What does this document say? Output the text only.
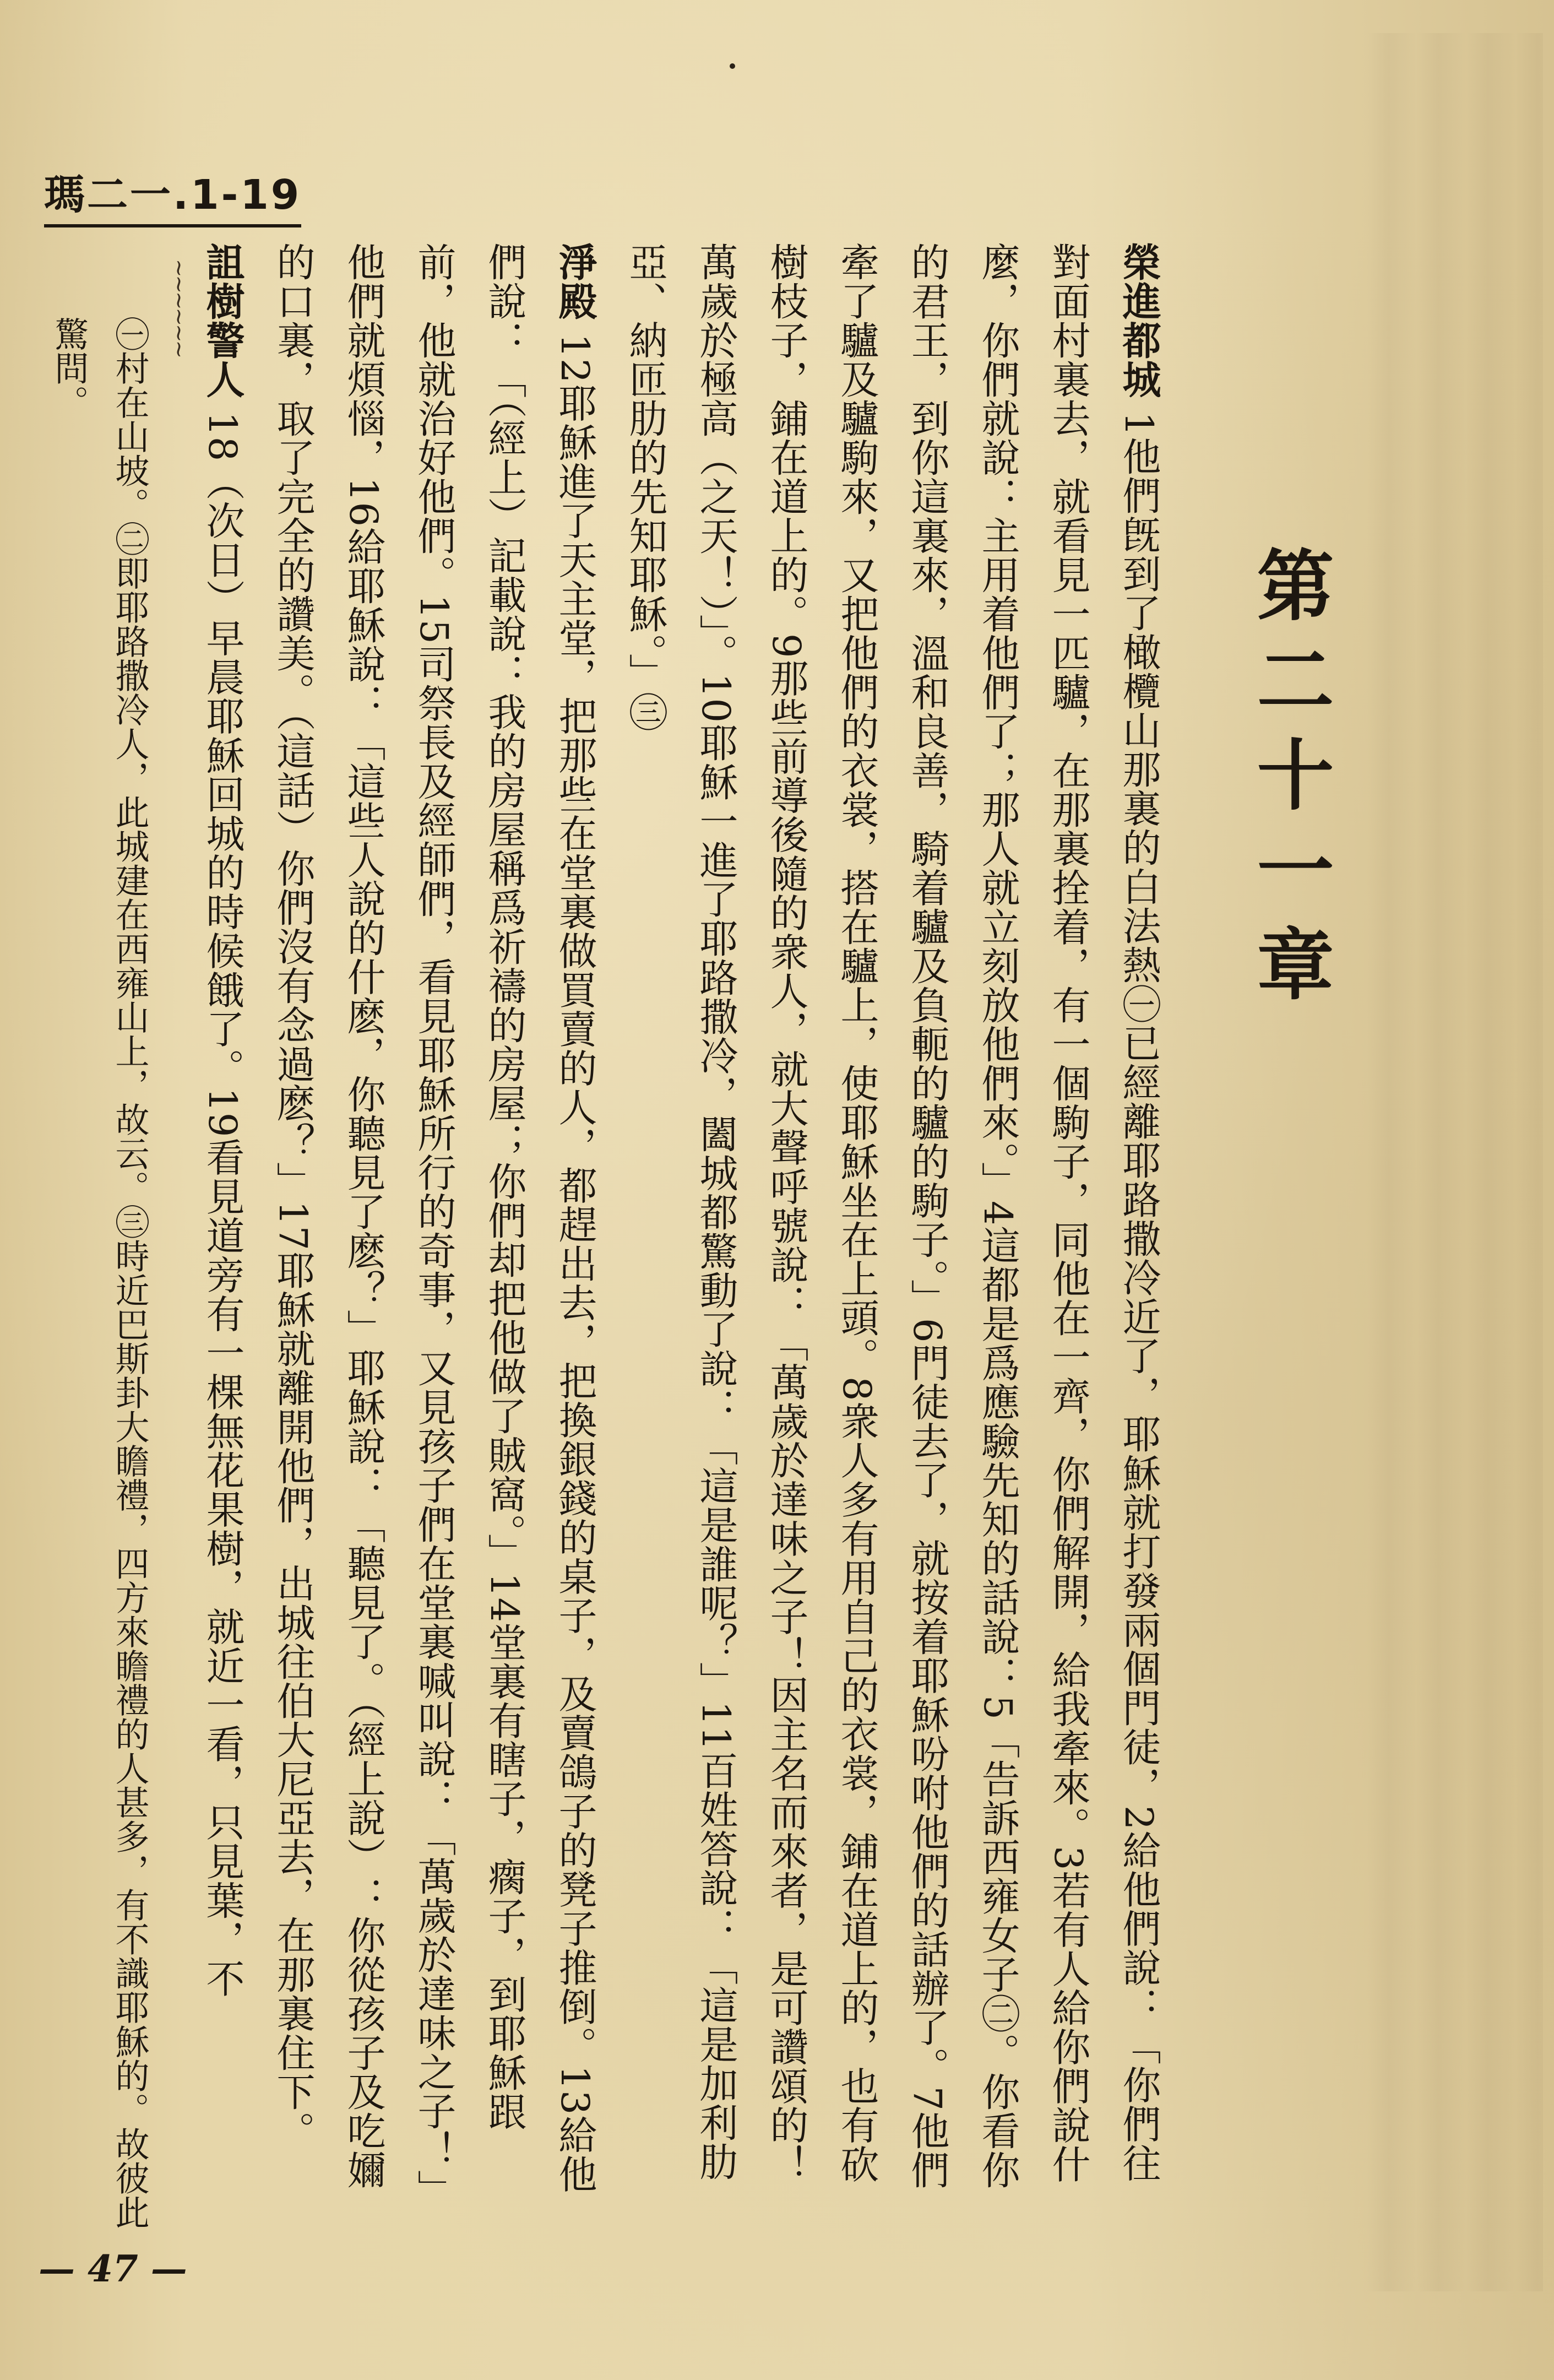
瑪二一.1-19
第二十一章

榮進都城 1他們旣到了橄欖山那裏的白法熱㊀已經離耶路撒冷近了，耶穌就打發兩個門徒，2給他們說：「你們往對面村裏去，就看見一匹驢，在那裏拴着，有一個駒子，同他在一齊，你們解開，給我牽來。3若有人給你們說什麼，你們就說：主用着他們了；那人就立刻放他們來。」4這都是爲應驗先知的話說：5「告訴西雍女子㊁。你看你的君王，到你這裏來，溫和良善，騎着驢及負軛的驢的駒子。」6門徒去了，就按着耶穌吩咐他們的話辦了。7他們牽了驢及驢駒來，又把他們的衣裳，搭在驢上，使耶穌坐在上頭。8衆人多有用自己的衣裳，鋪在道上的，也有砍樹枝子，鋪在道上的。9那些前導後隨的衆人，就大聲呼號說：「萬歲於達味之子！因主名而來者，是可讚頌的！萬歲於極高（之天！）」。10耶穌一進了耶路撒冷，闔城都驚動了說：「這是誰呢？」11百姓答說：「這是加利肋亞、納匝肋的先知耶穌。」㊂

淨殿 12耶穌進了天主堂，把那些在堂裏做買賣的人，都趕出去，把換銀錢的桌子，及賣鴿子的凳子推倒。13給他們說：「（經上）記載說：我的房屋稱爲祈禱的房屋；你們却把他做了賊窩。」14堂裏有瞎子，瘸子，到耶穌跟前，他就治好他們。15司祭長及經師們，看見耶穌所行的奇事，又見孩子們在堂裏喊叫說：「萬歲於達味之子！」他們就煩惱，16給耶穌說：「這些人說的什麽，你聽見了麽？」耶穌說：「聽見了。（經上說）：你從孩子及吃嬭的口裏，取了完全的讚美。（這話）你們沒有念過麽？」17耶穌就離開他們，出城往伯大尼亞去，在那裏住下。

詛樹警人 18（次日）早晨耶穌回城的時候餓了。19看見道旁有一棵無花果樹，就近一看，只見葉，不

~~~~~~

㊀村在山坡。㊁即耶路撒冷人，此城建在西雍山上，故云。㊂時近巴斯卦大瞻禮，四方來瞻禮的人甚多，有不識耶穌的。故彼此驚問。

— 47 —
